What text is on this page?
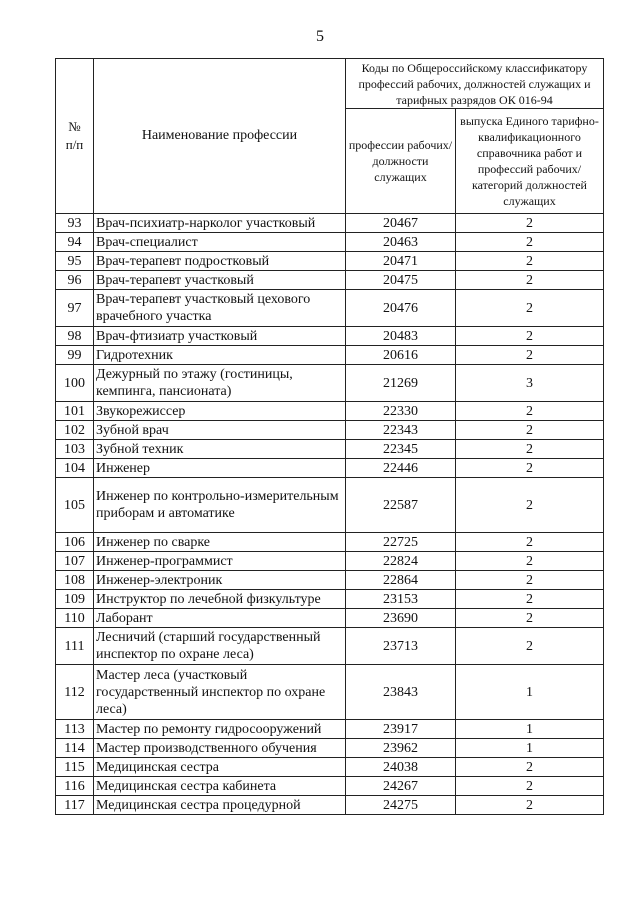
5
№
п/п	Наименование профессии	Коды по Общероссийскому классификатору профессий рабочих, должностей служащих и тарифных разрядов ОК 016-94	
		профессии рабочих/ должности служащих	выпуска Единого тарифно-квалификационного справочника работ и профессий рабочих/категорий должностей служащих
93	Врач-психиатр-нарколог участковый	20467	2
94	Врач-специалист	20463	2
95	Врач-терапевт подростковый	20471	2
96	Врач-терапевт участковый	20475	2
97	Врач-терапевт участковый цехового врачебного участка	20476	2
98	Врач-фтизиатр участковый	20483	2
99	Гидротехник	20616	2
100	Дежурный по этажу (гостиницы, кемпинга, пансионата)	21269	3
101	Звукорежиссер	22330	2
102	Зубной врач	22343	2
103	Зубной техник	22345	2
104	Инженер	22446	2
105	Инженер по контрольно-измерительным приборам и автоматике	22587	2
106	Инженер по сварке	22725	2
107	Инженер-программист	22824	2
108	Инженер-электроник	22864	2
109	Инструктор по лечебной физкультуре	23153	2
110	Лаборант	23690	2
111	Лесничий (старший государственный инспектор по охране леса)	23713	2
112	Мастер леса (участковый государственный инспектор по охране леса)	23843	1
113	Мастер по ремонту гидросооружений	23917	1
114	Мастер производственного обучения	23962	1
115	Медицинская сестра	24038	2
116	Медицинская сестра кабинета	24267	2
117	Медицинская сестра процедурной	24275	2
